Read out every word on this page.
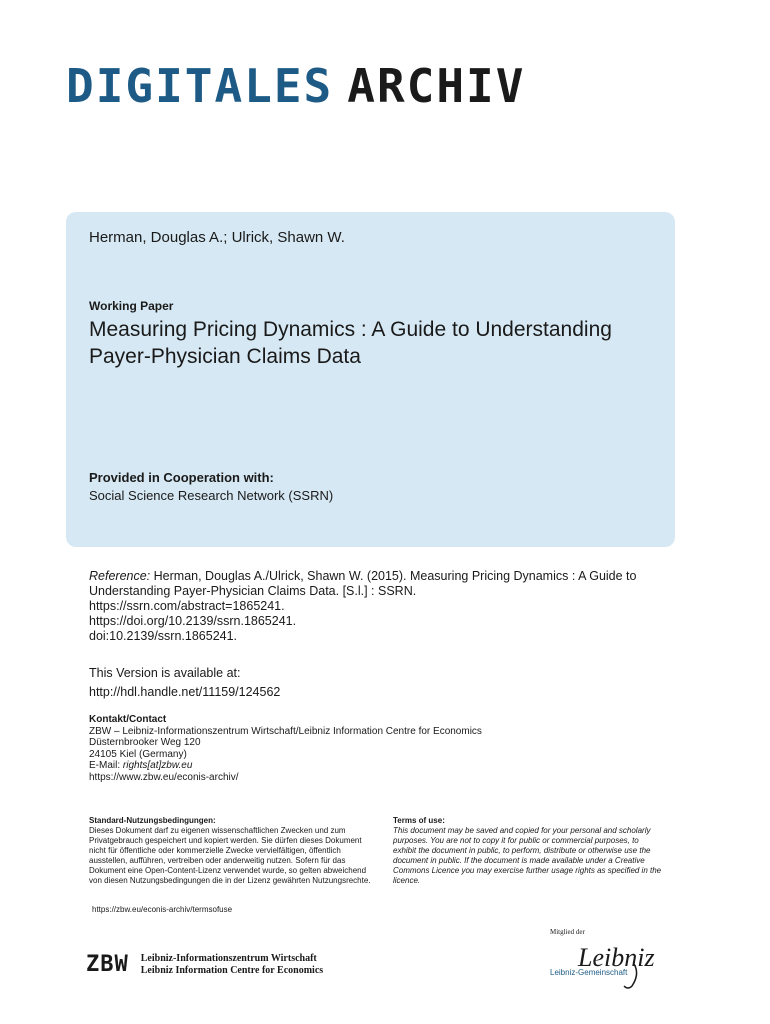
DIGITALES ARCHIV
Herman, Douglas A.; Ulrick, Shawn W.
Working Paper
Measuring Pricing Dynamics : A Guide to Understanding Payer-Physician Claims Data
Provided in Cooperation with:
Social Science Research Network (SSRN)
Reference: Herman, Douglas A./Ulrick, Shawn W. (2015). Measuring Pricing Dynamics : A Guide to Understanding Payer-Physician Claims Data. [S.l.] : SSRN.
https://ssrn.com/abstract=1865241.
https://doi.org/10.2139/ssrn.1865241.
doi:10.2139/ssrn.1865241.
This Version is available at:
http://hdl.handle.net/11159/124562
Kontakt/Contact
ZBW – Leibniz-Informationszentrum Wirtschaft/Leibniz Information Centre for Economics
Düsternbrooker Weg 120
24105 Kiel (Germany)
E-Mail: rights[at]zbw.eu
https://www.zbw.eu/econis-archiv/
Standard-Nutzungsbedingungen:
Dieses Dokument darf zu eigenen wissenschaftlichen Zwecken und zum Privatgebrauch gespeichert und kopiert werden. Sie dürfen dieses Dokument nicht für öffentliche oder kommerzielle Zwecke vervielfältigen, öffentlich ausstellen, aufführen, vertreiben oder anderweitig nutzen. Sofern für das Dokument eine Open-Content-Lizenz verwendet wurde, so gelten abweichend von diesen Nutzungsbedingungen die in der Lizenz gewährten Nutzungsrechte.
https://zbw.eu/econis-archiv/termsofuse
Terms of use:
This document may be saved and copied for your personal and scholarly purposes. You are not to copy it for public or commercial purposes, to exhibit the document in public, to perform, distribute or otherwise use the document in public. If the document is made available under a Creative Commons Licence you may exercise further usage rights as specified in the licence.
ZBW Leibniz-Informationszentrum Wirtschaft
Leibniz Information Centre for Economics
Mitglied der
Leibniz
Leibniz-Gemeinschaft
